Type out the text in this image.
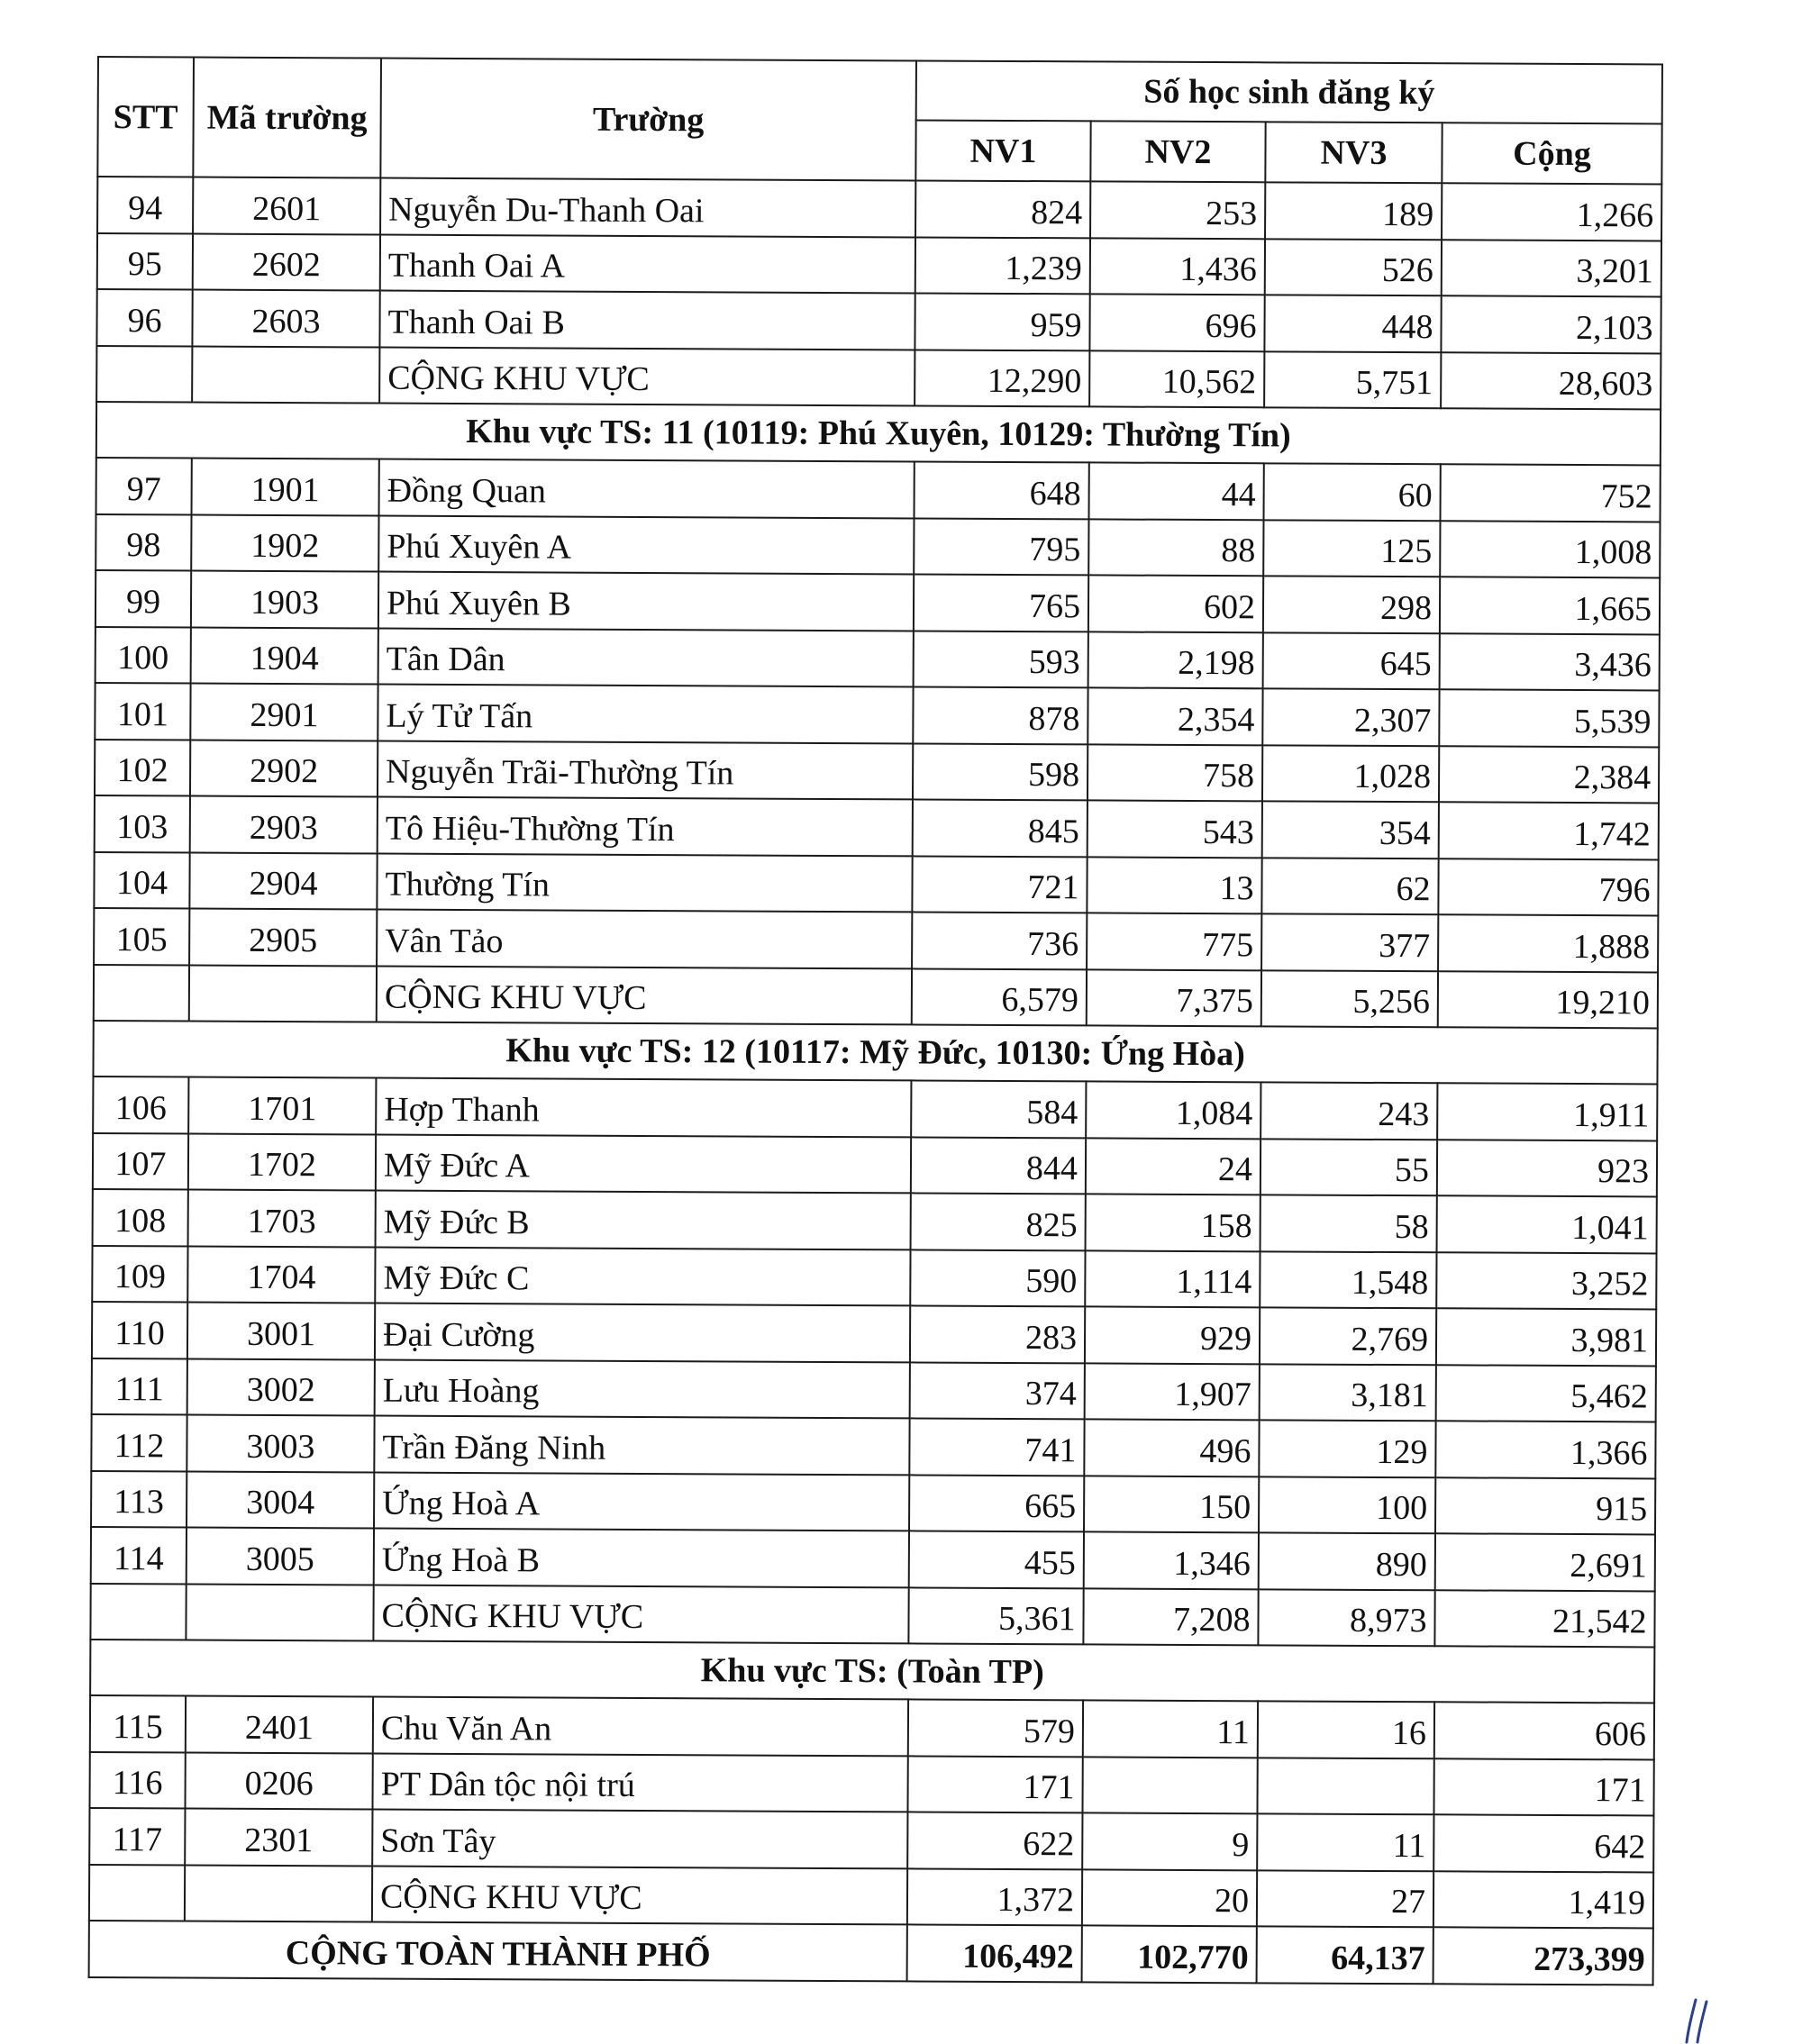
STT	Mã trường	Trường	Số học sinh đăng ký			
			NV1	NV2	NV3	Cộng
94	2601	Nguyễn Du-Thanh Oai	824	253	189	1,266
95	2602	Thanh Oai A	1,239	1,436	526	3,201
96	2603	Thanh Oai B	959	696	448	2,103
		CỘNG KHU VỰC	12,290	10,562	5,751	28,603
Khu vực TS: 11 (10119: Phú Xuyên, 10129: Thường Tín)						
97	1901	Đồng Quan	648	44	60	752
98	1902	Phú Xuyên A	795	88	125	1,008
99	1903	Phú Xuyên B	765	602	298	1,665
100	1904	Tân Dân	593	2,198	645	3,436
101	2901	Lý Tử Tấn	878	2,354	2,307	5,539
102	2902	Nguyễn Trãi-Thường Tín	598	758	1,028	2,384
103	2903	Tô Hiệu-Thường Tín	845	543	354	1,742
104	2904	Thường Tín	721	13	62	796
105	2905	Vân Tảo	736	775	377	1,888
		CỘNG KHU VỰC	6,579	7,375	5,256	19,210
Khu vực TS: 12 (10117: Mỹ Đức, 10130: Ứng Hòa)						
106	1701	Hợp Thanh	584	1,084	243	1,911
107	1702	Mỹ Đức A	844	24	55	923
108	1703	Mỹ Đức B	825	158	58	1,041
109	1704	Mỹ Đức C	590	1,114	1,548	3,252
110	3001	Đại Cường	283	929	2,769	3,981
111	3002	Lưu Hoàng	374	1,907	3,181	5,462
112	3003	Trần Đăng Ninh	741	496	129	1,366
113	3004	Ứng Hoà A	665	150	100	915
114	3005	Ứng Hoà B	455	1,346	890	2,691
		CỘNG KHU VỰC	5,361	7,208	8,973	21,542
Khu vực TS: (Toàn TP)						
115	2401	Chu Văn An	579	11	16	606
116	0206	PT Dân tộc nội trú	171			171
117	2301	Sơn Tây	622	9	11	642
		CỘNG KHU VỰC	1,372	20	27	1,419
CỘNG TOÀN THÀNH PHỐ			106,492	102,770	64,137	273,399
